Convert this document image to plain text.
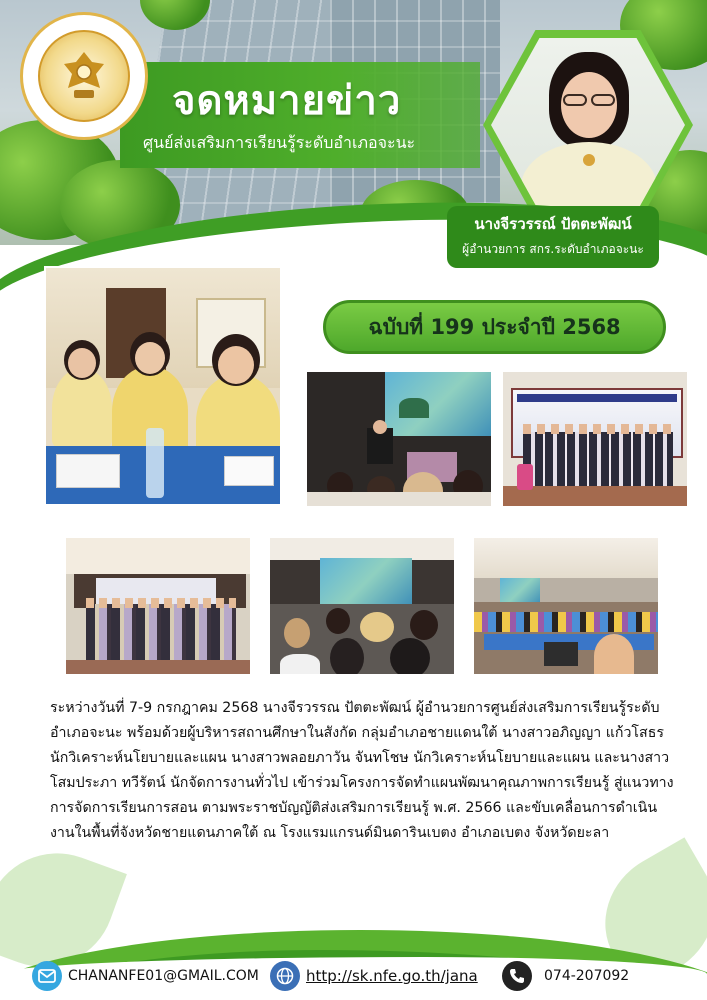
จดหมายข่าว
ศูนย์ส่งเสริมการเรียนรู้ระดับอำเภอจะนะ
นางจีรวรรณ์ ปัตตะพัฒน์
ผู้อำนวยการ สกร.ระดับอำเภอจะนะ
ฉบับที่ 199 ประจำปี 2568
ระหว่างวันที่ 7-9 กรกฎาคม 2568 นางจีรวรรณ ปัตตะพัฒน์ ผู้อำนวยการศูนย์ส่งเสริมการเรียนรู้ระดับอำเภอจะนะ พร้อมด้วยผู้บริหารสถานศึกษาในสังกัด กลุ่มอำเภอชายแดนใต้ นางสาวอภิญญา แก้วโสธร นักวิเคราะห์นโยบายและแผน นางสาวพลอยภาวัน จันทโชษ นักวิเคราะห์นโยบายและแผน และนางสาวโสมประภา ทวีรัตน์ นักจัดการงานทั่วไป เข้าร่วมโครงการจัดทำแผนพัฒนาคุณภาพการเรียนรู้ สู่แนวทางการจัดการเรียนการสอน ตามพระราชบัญญัติส่งเสริมการเรียนรู้ พ.ศ. 2566 และขับเคลื่อนการดำเนินงานในพื้นที่จังหวัดชายแดนภาคใต้ ณ โรงแรมแกรนด์มินดารินเบตง อำเภอเบตง จังหวัดยะลา
CHANANFE01@GMAIL.COM	http://sk.nfe.go.th/jana	074-207092
